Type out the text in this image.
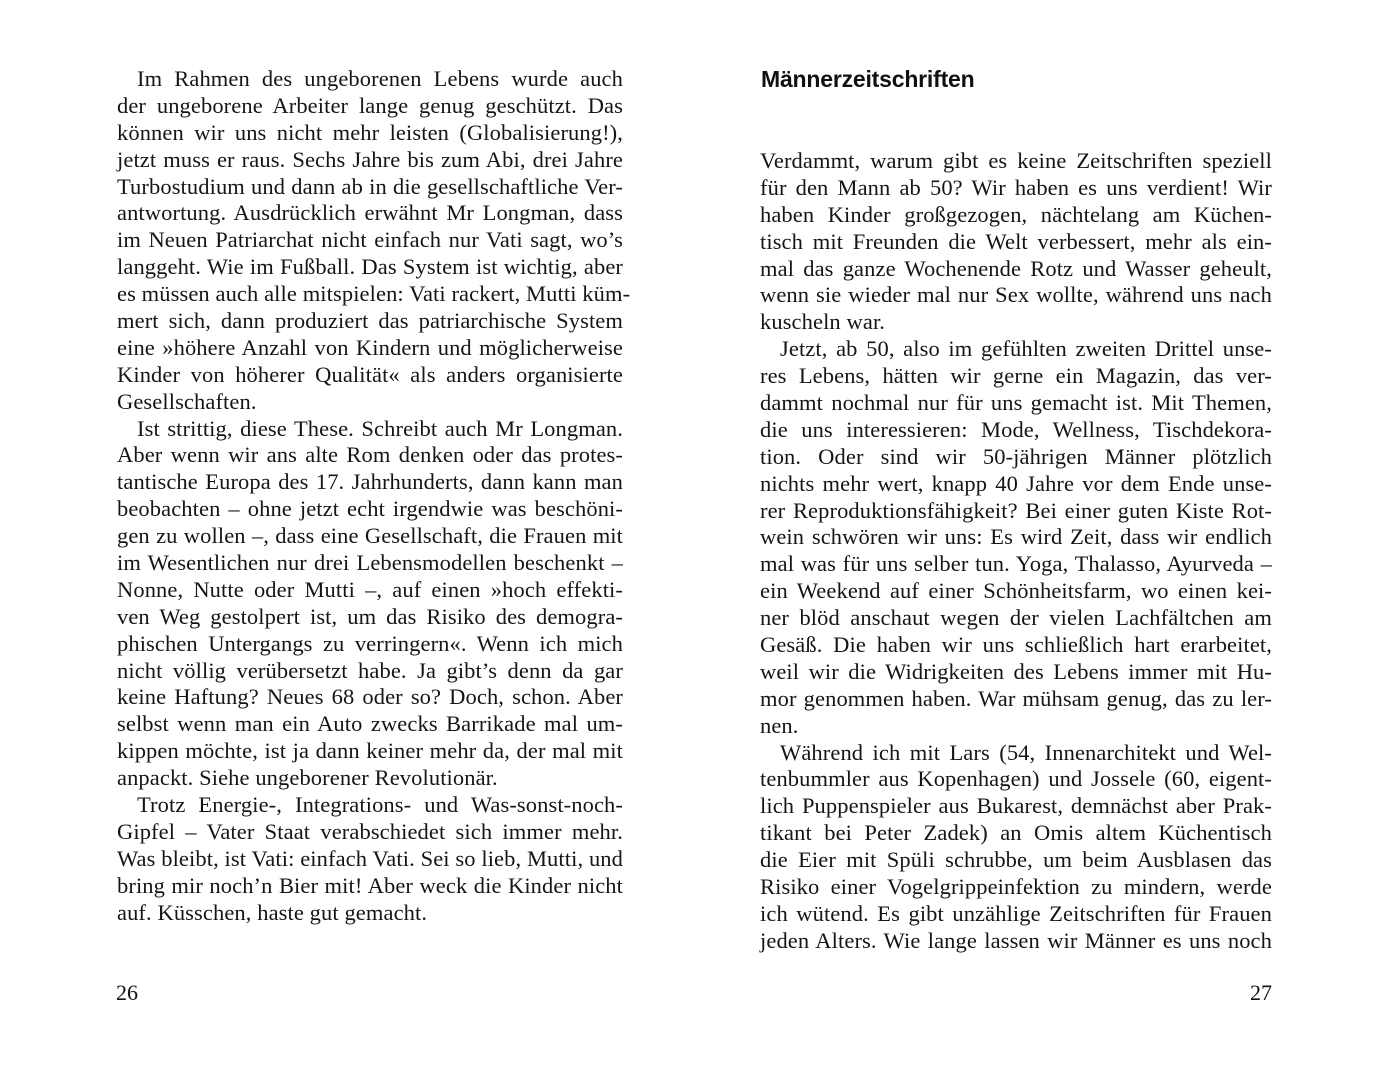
Im Rahmen des ungeborenen Lebens wurde auch
der ungeborene Arbeiter lange genug geschützt. Das
können wir uns nicht mehr leisten (Globalisierung!),
jetzt muss er raus. Sechs Jahre bis zum Abi, drei Jahre
Turbostudium und dann ab in die gesellschaftliche Ver-
antwortung. Ausdrücklich erwähnt Mr Longman, dass
im Neuen Patriarchat nicht einfach nur Vati sagt, wo’s
langgeht. Wie im Fußball. Das System ist wichtig, aber
es müssen auch alle mitspielen: Vati rackert, Mutti küm-
mert sich, dann produziert das patriarchische System
eine »höhere Anzahl von Kindern und möglicherweise
Kinder von höherer Qualität« als anders organisierte
Gesellschaften.
Ist strittig, diese These. Schreibt auch Mr Longman.
Aber wenn wir ans alte Rom denken oder das protes-
tantische Europa des 17. Jahrhunderts, dann kann man
beobachten – ohne jetzt echt irgendwie was beschöni-
gen zu wollen –, dass eine Gesellschaft, die Frauen mit
im Wesentlichen nur drei Lebensmodellen beschenkt –
Nonne, Nutte oder Mutti –, auf einen »hoch effekti-
ven Weg gestolpert ist, um das Risiko des demogra-
phischen Untergangs zu verringern«. Wenn ich mich
nicht völlig verübersetzt habe. Ja gibt’s denn da gar
keine Haftung? Neues 68 oder so? Doch, schon. Aber
selbst wenn man ein Auto zwecks Barrikade mal um-
kippen möchte, ist ja dann keiner mehr da, der mal mit
anpackt. Siehe ungeborener Revolutionär.
Trotz Energie-, Integrations- und Was-sonst-noch-
Gipfel – Vater Staat verabschiedet sich immer mehr.
Was bleibt, ist Vati: einfach Vati. Sei so lieb, Mutti, und
bring mir noch’n Bier mit! Aber weck die Kinder nicht
auf. Küsschen, haste gut gemacht.
26
Männerzeitschriften
Verdammt, warum gibt es keine Zeitschriften speziell
für den Mann ab 50? Wir haben es uns verdient! Wir
haben Kinder großgezogen, nächtelang am Küchen-
tisch mit Freunden die Welt verbessert, mehr als ein-
mal das ganze Wochenende Rotz und Wasser geheult,
wenn sie wieder mal nur Sex wollte, während uns nach
kuscheln war.
Jetzt, ab 50, also im gefühlten zweiten Drittel unse-
res Lebens, hätten wir gerne ein Magazin, das ver-
dammt nochmal nur für uns gemacht ist. Mit Themen,
die uns interessieren: Mode, Wellness, Tischdekora-
tion. Oder sind wir 50-jährigen Männer plötzlich
nichts mehr wert, knapp 40 Jahre vor dem Ende unse-
rer Reproduktionsfähigkeit? Bei einer guten Kiste Rot-
wein schwören wir uns: Es wird Zeit, dass wir endlich
mal was für uns selber tun. Yoga, Thalasso, Ayurveda –
ein Weekend auf einer Schönheitsfarm, wo einen kei-
ner blöd anschaut wegen der vielen Lachfältchen am
Gesäß. Die haben wir uns schließlich hart erarbeitet,
weil wir die Widrigkeiten des Lebens immer mit Hu-
mor genommen haben. War mühsam genug, das zu ler-
nen.
Während ich mit Lars (54, Innenarchitekt und Wel-
tenbummler aus Kopenhagen) und Jossele (60, eigent-
lich Puppenspieler aus Bukarest, demnächst aber Prak-
tikant bei Peter Zadek) an Omis altem Küchentisch
die Eier mit Spüli schrubbe, um beim Ausblasen das
Risiko einer Vogelgrippeinfektion zu mindern, werde
ich wütend. Es gibt unzählige Zeitschriften für Frauen
jeden Alters. Wie lange lassen wir Männer es uns noch
27
